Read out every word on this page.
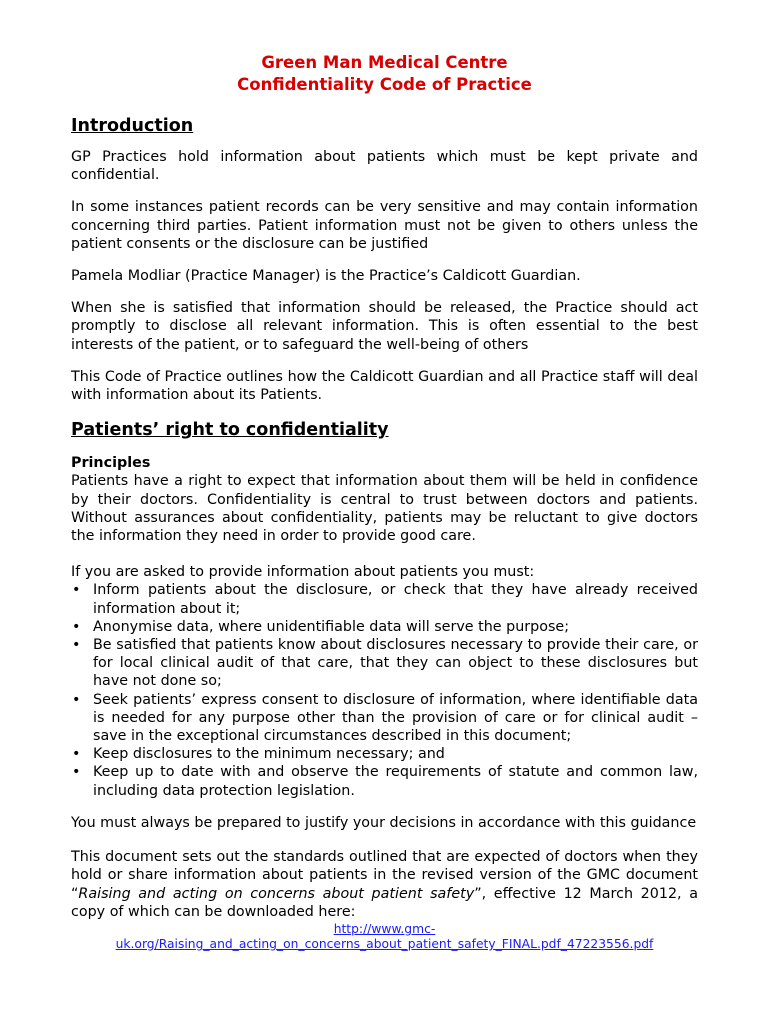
Green Man Medical Centre
Confidentiality Code of Practice
Introduction

GP Practices hold information about patients which must be kept private and confidential.

In some instances patient records can be very sensitive and may contain information concerning third parties. Patient information must not be given to others unless the patient consents or the disclosure can be justified

Pamela Modliar (Practice Manager) is the Practice’s Caldicott Guardian.

When she is satisfied that information should be released, the Practice should act promptly to disclose all relevant information. This is often essential to the best interests of the patient, or to safeguard the well-being of others

This Code of Practice outlines how the Caldicott Guardian and all Practice staff will deal with information about its Patients.

Patients’ right to confidentiality
Principles

Patients have a right to expect that information about them will be held in confidence by their doctors. Confidentiality is central to trust between doctors and patients. Without assurances about confidentiality, patients may be reluctant to give doctors the information they need in order to provide good care.

If you are asked to provide information about patients you must:

• Inform patients about the disclosure, or check that they have already received information about it;
• Anonymise data, where unidentifiable data will serve the purpose;
• Be satisfied that patients know about disclosures necessary to provide their care, or for local clinical audit of that care, that they can object to these disclosures but have not done so;
• Seek patients’ express consent to disclosure of information, where identifiable data is needed for any purpose other than the provision of care or for clinical audit – save in the exceptional circumstances described in this document;
• Keep disclosures to the minimum necessary; and
• Keep up to date with and observe the requirements of statute and common law, including data protection legislation.

You must always be prepared to justify your decisions in accordance with this guidance

This document sets out the standards outlined that are expected of doctors when they hold or share information about patients in the revised version of the GMC document “Raising and acting on concerns about patient safety”, effective 12 March 2012, a copy of which can be downloaded here:

http://www.gmc-
uk.org/Raising_and_acting_on_concerns_about_patient_safety_FINAL.pdf_47223556.pdf
